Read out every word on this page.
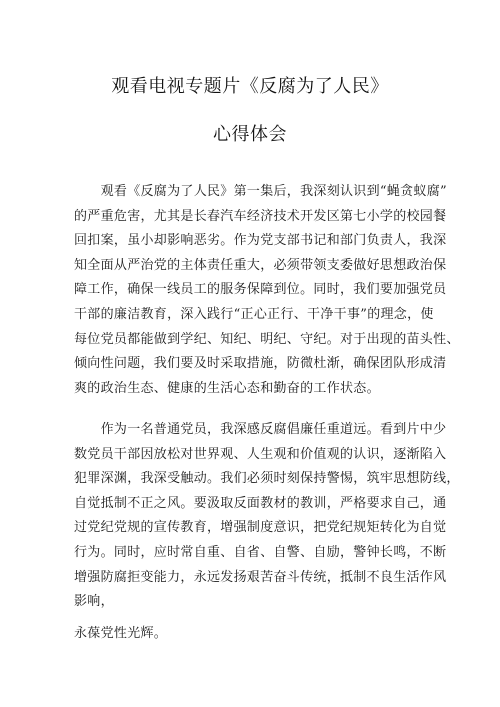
观看电视专题片《反腐为了人民》
心得体会
　　观看《反腐为了人民》第一集后，我深刻认识到“蝇贪蚁腐”
的严重危害，尤其是长春汽车经济技术开发区第七小学的校园餐
回扣案，虽小却影响恶劣。作为党支部书记和部门负责人，我深
知全面从严治党的主体责任重大，必须带领支委做好思想政治保
障工作，确保一线员工的服务保障到位。同时，我们要加强党员
干部的廉洁教育，深入践行“正心正行、干净干事”的理念，使
每位党员都能做到学纪、知纪、明纪、守纪。对于出现的苗头性、
倾向性问题，我们要及时采取措施，防微杜渐，确保团队形成清
爽的政治生态、健康的生活心态和勤奋的工作状态。
　　作为一名普通党员，我深感反腐倡廉任重道远。看到片中少
数党员干部因放松对世界观、人生观和价值观的认识，逐渐陷入
犯罪深渊，我深受触动。我们必须时刻保持警惕，筑牢思想防线，
自觉抵制不正之风。要汲取反面教材的教训，严格要求自己，通
过党纪党规的宣传教育，增强制度意识，把党纪规矩转化为自觉
行为。同时，应时常自重、自省、自警、自励，警钟长鸣，不断
增强防腐拒变能力，永远发扬艰苦奋斗传统，抵制不良生活作风
影响，
永葆党性光辉。
